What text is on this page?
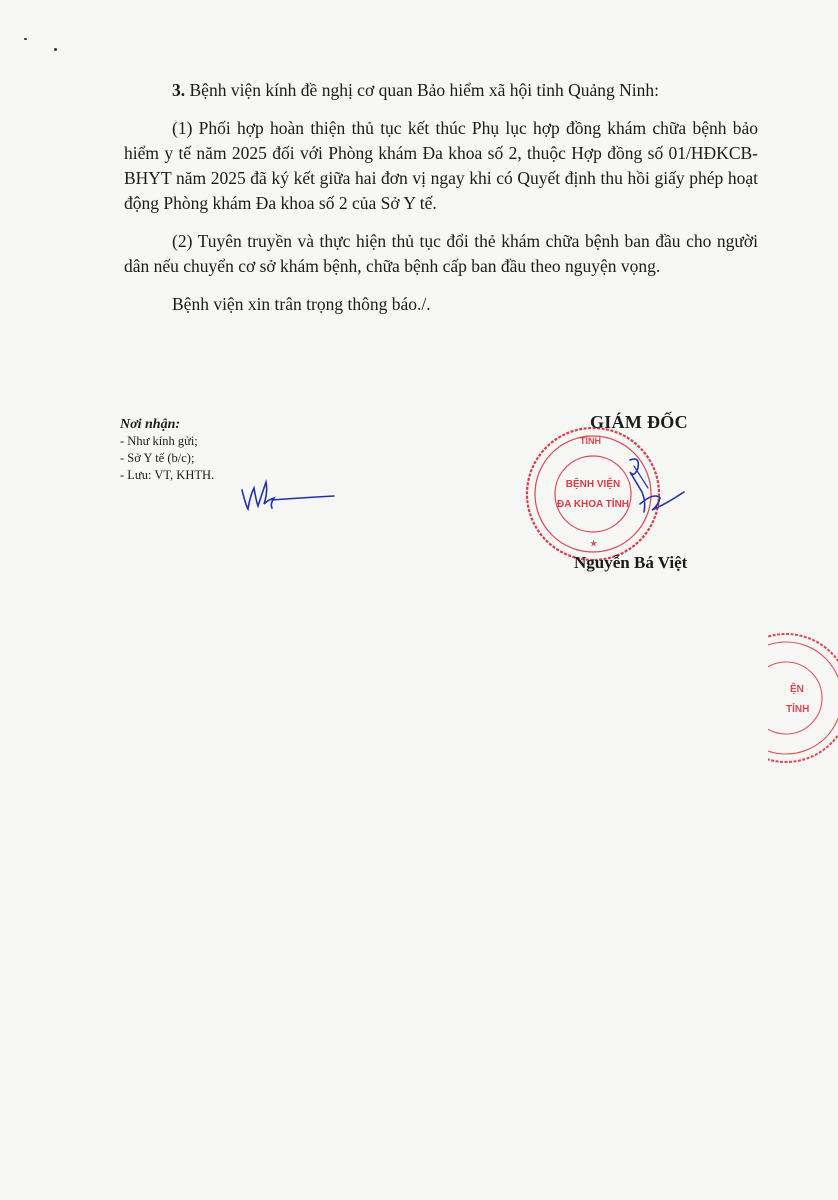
3. Bệnh viện kính đề nghị cơ quan Bảo hiểm xã hội tỉnh Quảng Ninh:

(1) Phối hợp hoàn thiện thủ tục kết thúc Phụ lục hợp đồng khám chữa bệnh bảo hiểm y tế năm 2025 đối với Phòng khám Đa khoa số 2, thuộc Hợp đồng số 01/HĐKCB-BHYT năm 2025 đã ký kết giữa hai đơn vị ngay khi có Quyết định thu hồi giấy phép hoạt động Phòng khám Đa khoa số 2 của Sở Y tế.

(2) Tuyên truyền và thực hiện thủ tục đổi thẻ khám chữa bệnh ban đầu cho người dân nếu chuyển cơ sở khám bệnh, chữa bệnh cấp ban đầu theo nguyện vọng.

Bệnh viện xin trân trọng thông báo./.

Nơi nhận:
- Như kính gửi;
- Sở Y tế (b/c);
- Lưu: VT, KHTH.
TỈNH
BỆNH VIỆN
ĐA KHOA TỈNH
★
GIÁM ĐỐC
Nguyễn Bá Việt
ỆN
TỈNH
